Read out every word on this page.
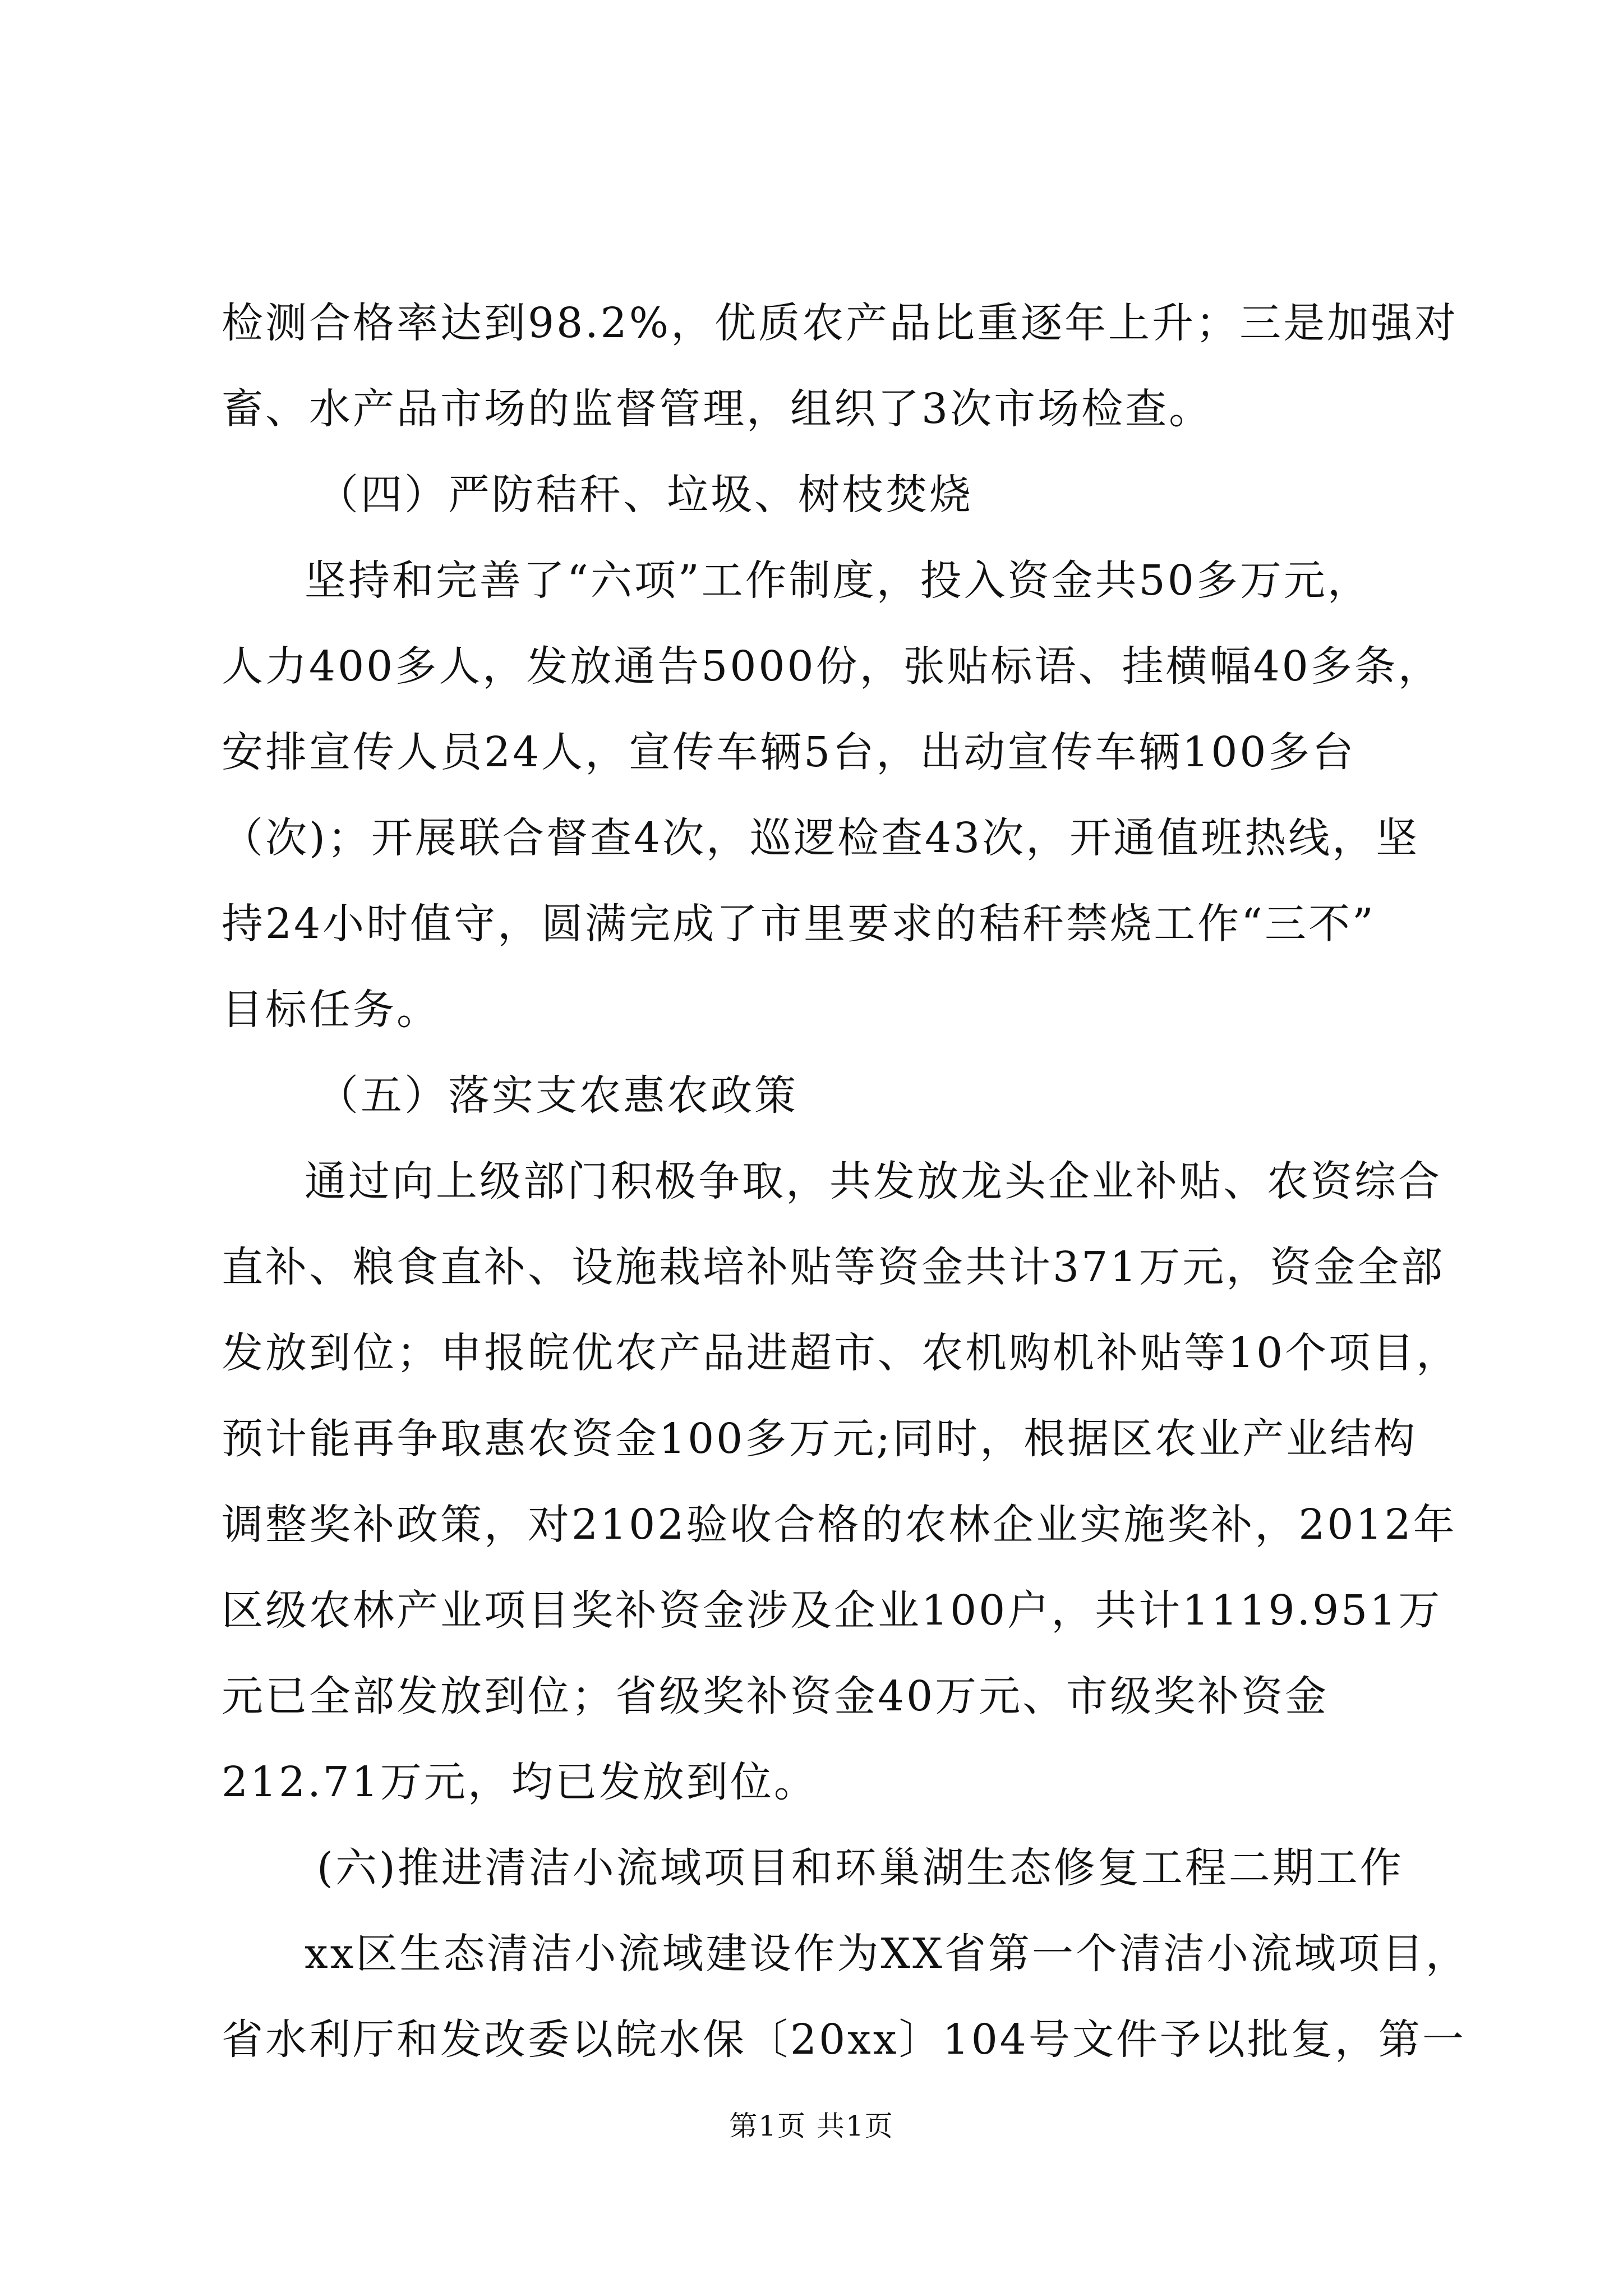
检测合格率达到98.2%，优质农产品比重逐年上升；三是加强对
畜、水产品市场的监督管理，组织了3次市场检查。
（四）严防秸秆、垃圾、树枝焚烧
坚持和完善了“六项”工作制度，投入资金共50多万元，
人力400多人，发放通告5000份，张贴标语、挂横幅40多条，
安排宣传人员24人，宣传车辆5台，出动宣传车辆100多台
（次)；开展联合督查4次，巡逻检查43次，开通值班热线，坚
持24小时值守，圆满完成了市里要求的秸秆禁烧工作“三不”
目标任务。
（五）落实支农惠农政策
通过向上级部门积极争取，共发放龙头企业补贴、农资综合
直补、粮食直补、设施栽培补贴等资金共计371万元，资金全部
发放到位；申报皖优农产品进超市、农机购机补贴等10个项目，
预计能再争取惠农资金100多万元;同时，根据区农业产业结构
调整奖补政策，对2102验收合格的农林企业实施奖补，2012年
区级农林产业项目奖补资金涉及企业100户，共计1119.951万
元已全部发放到位；省级奖补资金40万元、市级奖补资金
212.71万元，均已发放到位。
(六)推进清洁小流域项目和环巢湖生态修复工程二期工作
xx区生态清洁小流域建设作为XX省第一个清洁小流域项目，
省水利厅和发改委以皖水保〔20xx〕104号文件予以批复，第一
第1页 共1页
